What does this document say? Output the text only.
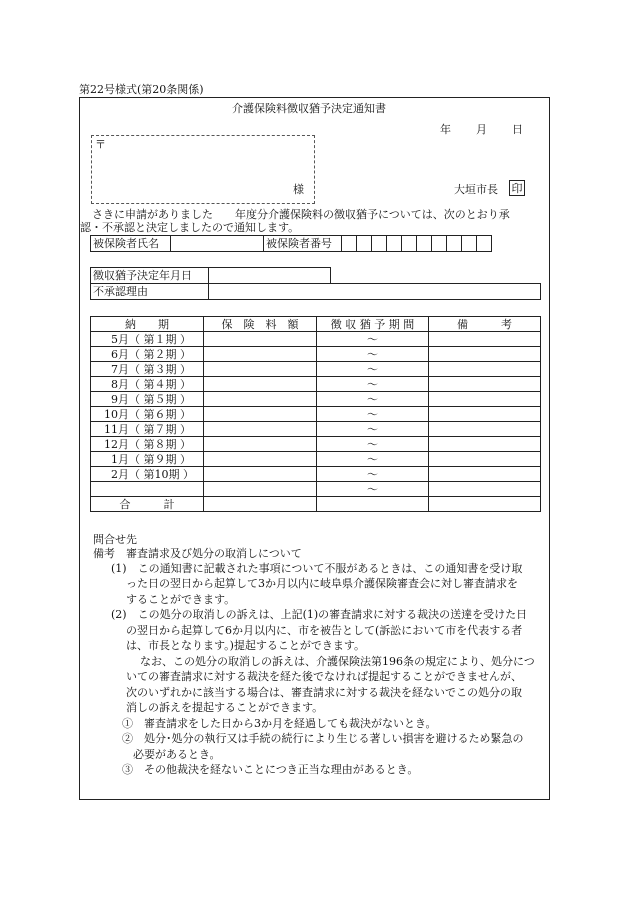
第22号様式(第20条関係)
介護保険料徴収猶予決定通知書
年 月 日
〒
様	大垣市長 印
さきに申請がありました　　年度分介護保険料の徴収猶予については、次のとおり承
認・不承認と決定しましたので通知します。
被保険者氏名		被保険者番号										
徴収猶予決定年月日		
不承認理由		
納　　期	保　険　料　額	徴 収 猶 予 期 間	備　　　考
5月（ 第１期 ）		～	
6月（ 第２期 ）		～	
7月（ 第３期 ）		～	
8月（ 第４期 ）		～	
9月（ 第５期 ）		～	
10月（ 第６期 ）		～	
11月（ 第７期 ）		～	
12月（ 第８期 ）		～	
1月（ 第９期 ）		～	
2月（ 第10期 ）		～	
		～	
合　　　計			
問合せ先
備考　審査請求及び処分の取消しについて
(1)　この通知書に記載された事項について不服があるときは、この通知書を受け取
った日の翌日から起算して3か月以内に岐阜県介護保険審査会に対し審査請求を
することができます。
(2)　この処分の取消しの訴えは、上記(1)の審査請求に対する裁決の送達を受けた日
の翌日から起算して6か月以内に、市を被告として(訴訟において市を代表する者
は、市長となります。)提起することができます。
なお、この処分の取消しの訴えは、介護保険法第196条の規定により、処分につ
いての審査請求に対する裁決を経た後でなければ提起することができませんが、
次のいずれかに該当する場合は、審査請求に対する裁決を経ないでこの処分の取
消しの訴えを提起することができます。
①　審査請求をした日から3か月を経過しても裁決がないとき。
②　処分･処分の執行又は手続の続行により生じる著しい損害を避けるため緊急の
必要があるとき。
③　その他裁決を経ないことにつき正当な理由があるとき。
